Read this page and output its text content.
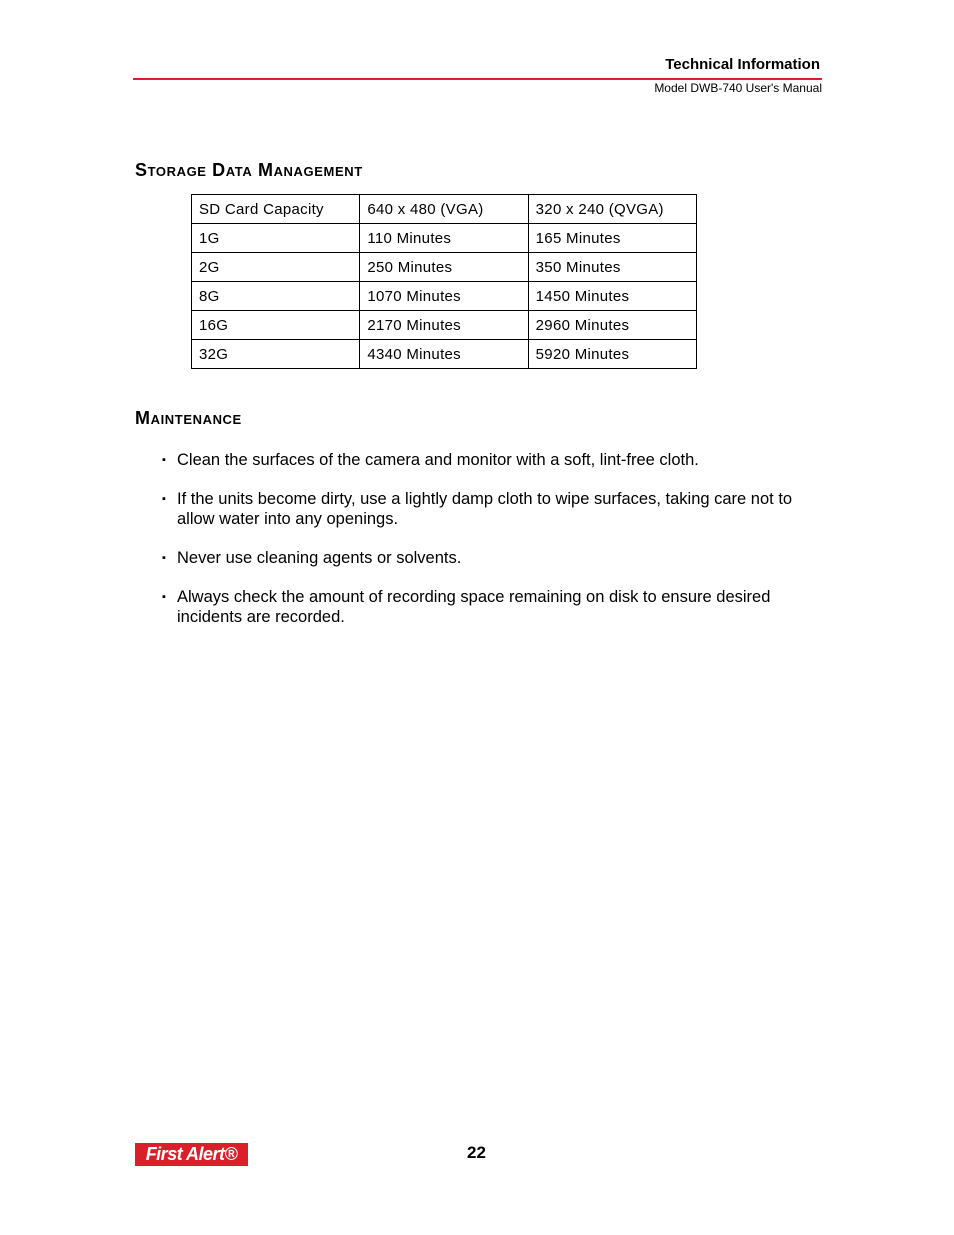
Technical Information
Model DWB-740 User's Manual
Storage Data Management
SD Card Capacity	640 x 480 (VGA)	320 x 240 (QVGA)
1G	110 Minutes	165 Minutes
2G	250 Minutes	350 Minutes
8G	1070 Minutes	1450 Minutes
16G	2170 Minutes	2960 Minutes
32G	4340 Minutes	5920 Minutes
Maintenance
▪ Clean the surfaces of the camera and monitor with a soft, lint-free cloth.
▪ If the units become dirty, use a lightly damp cloth to wipe surfaces, taking care not to allow water into any openings.
▪ Never use cleaning agents or solvents.
▪ Always check the amount of recording space remaining on disk to ensure desired incidents are recorded.
First Alert®	22
